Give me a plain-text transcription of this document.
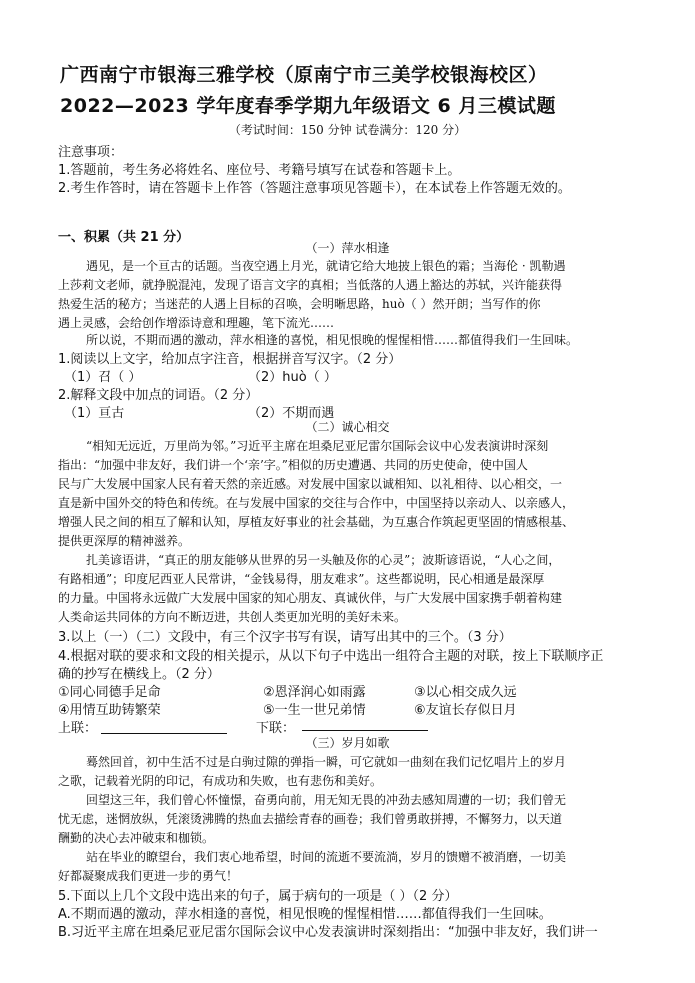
广西南宁市银海三雅学校（原南宁市三美学校银海校区）
2022—2023 学年度春季学期九年级语文 6 月三模试题
（考试时间：150 分钟 试卷满分：120 分）
注意事项：
1.答题前，考生务必将姓名、座位号、考籍号填写在试卷和答题卡上。
2.考生作答时，请在答题卡上作答（答题注意事项见答题卡），在本试卷上作答题无效的。
一、积累（共 21 分）
（一）萍水相逢
遇见，是一个亘古的话题。当夜空遇上月光，就请它给大地披上银色的霜；当海伦 · 凯勒遇
上莎莉文老师，就挣脱混沌，发现了语言文字的真相；当低落的人遇上豁达的苏轼，兴许能获得
热爱生活的秘方；当迷茫的人遇上目标的召唤，会明晰思路，huò（ ）然开朗；当写作的你
遇上灵感，会给创作增添诗意和理趣，笔下流光……
所以说，不期而遇的激动，萍水相逢的喜悦，相见恨晚的惺惺相惜……都值得我们一生回味。
1.阅读以上文字，给加点字注音，根据拼音写汉字。（2 分）
（1）召（ ）	（2）huò（ ）
2.解释文段中加点的词语。（2 分）
（1）亘古	（2）不期而遇
（二）诚心相交
“相知无远近，万里尚为邻。”习近平主席在坦桑尼亚尼雷尔国际会议中心发表演讲时深刻
指出：“加强中非友好，我们讲一个‘亲’字。”相似的历史遭遇、共同的历史使命，使中国人
民与广大发展中国家人民有着天然的亲近感。对发展中国家以诚相知、以礼相待、以心相交，一
直是新中国外交的特色和传统。在与发展中国家的交往与合作中，中国坚持以亲动人、以亲感人，
增强人民之间的相互了解和认知，厚植友好事业的社会基础，为互惠合作筑起更坚固的情感根基、
提供更深厚的精神滋养。
扎美谚语讲，“真正的朋友能够从世界的另一头触及你的心灵”；波斯谚语说，“人心之间，
有路相通”；印度尼西亚人民常讲，“金钱易得，朋友难求”。这些都说明，民心相通是最深厚
的力量。中国将永远做广大发展中国家的知心朋友、真诚伙伴，与广大发展中国家携手朝着构建
人类命运共同体的方向不断迈进，共创人类更加光明的美好未来。
3.以上（一）（二）文段中，有三个汉字书写有误，请写出其中的三个。（3 分）
4.根据对联的要求和文段的相关提示，从以下句子中选出一组符合主题的对联，按上下联顺序正
确的抄写在横线上。（2 分）
①同心同德手足命	②恩泽润心如雨露	③以心相交成久远
④用情互助铸繁荣	⑤一生一世兄弟情	⑥友谊长存似日月
上联：	下联：
（三）岁月如歌
蓦然回首，初中生活不过是白驹过隙的弹指一瞬，可它就如一曲刻在我们记忆唱片上的岁月
之歌，记载着光阴的印记，有成功和失败，也有悲伤和美好。
回望这三年，我们曾心怀憧憬，奋勇向前，用无知无畏的冲劲去感知周遭的一切；我们曾无
忧无虑，迷惘放纵，凭滚烫沸腾的热血去描绘青春的画卷；我们曾勇敢拼搏，不懈努力，以天道
酬勤的决心去冲破束和枷锁。
站在毕业的瞭望台，我们衷心地希望，时间的流逝不要流淌，岁月的馈赠不被消磨，一切美
好都凝聚成我们更进一步的勇气！
5.下面以上几个文段中选出来的句子，属于病句的一项是（ ）（2 分）
A.不期而遇的激动，萍水相逢的喜悦，相见恨晚的惺惺相惜……都值得我们一生回味。
B.习近平主席在坦桑尼亚尼雷尔国际会议中心发表演讲时深刻指出：“加强中非友好，我们讲一
